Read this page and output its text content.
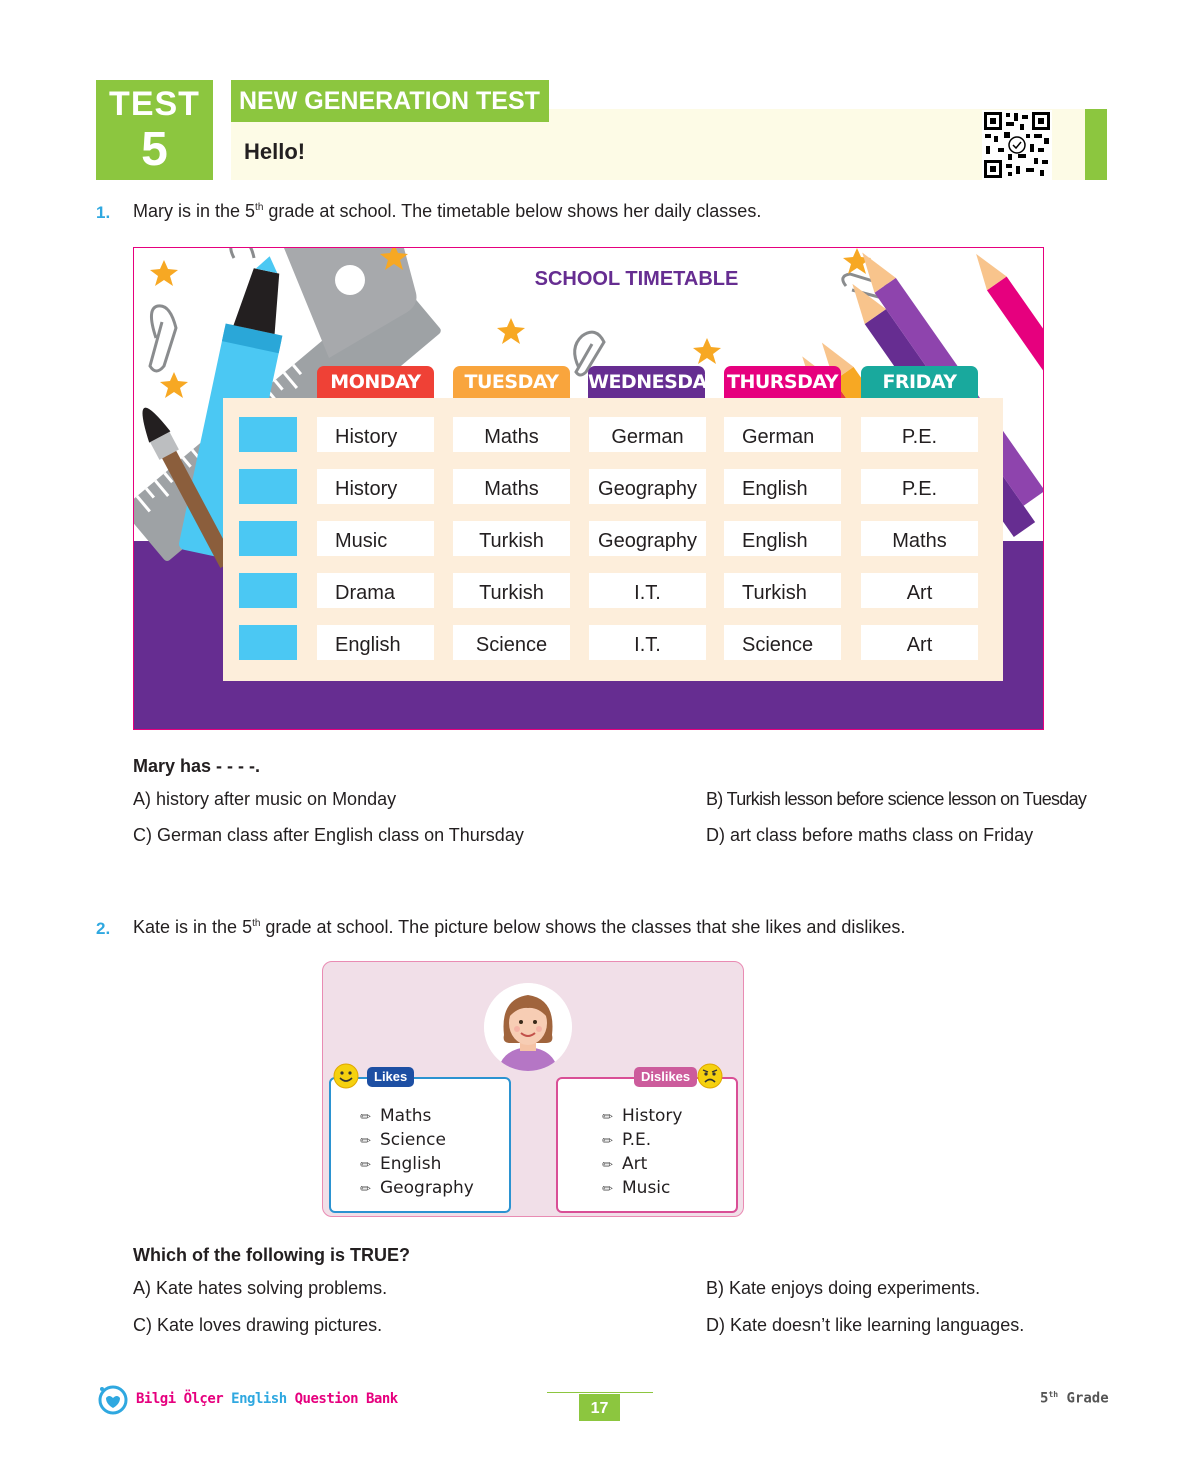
TEST
5	Hello!
NEW GENERATION TEST
1. Mary is in the 5th grade at school. The timetable below shows her daily classes.
SCHOOL TIMETABLE
MONDAY	TUESDAY	WEDNESDAY THURSDAY	FRIDAY
History	Maths	German	German	P.E.
History	Maths	Geography	English	P.E.
Music	Turkish	Geography	English	Maths
Drama	Turkish	I.T.	Turkish	Art
English	Science	I.T.	Science	Art
Mary has - - - -.
A) history after music on Monday	B) Turkish lesson before science lesson on Tuesday
C) German class after English class on Thursday	D) art class before maths class on Friday
2. Kate is in the 5th grade at school. The picture below shows the classes that she likes and dislikes.
Likes
✏ Maths
✏ Science
✏ English
✏ Geography
Dislikes
✏ History
✏ P.E.
✏ Art
✏ Music
Which of the following is TRUE?
A) Kate hates solving problems.	B) Kate enjoys doing experiments.
C) Kate loves drawing pictures.	D) Kate doesn’t like learning languages.
Bilgi Ölçer English Question Bank
17
5th Grade
